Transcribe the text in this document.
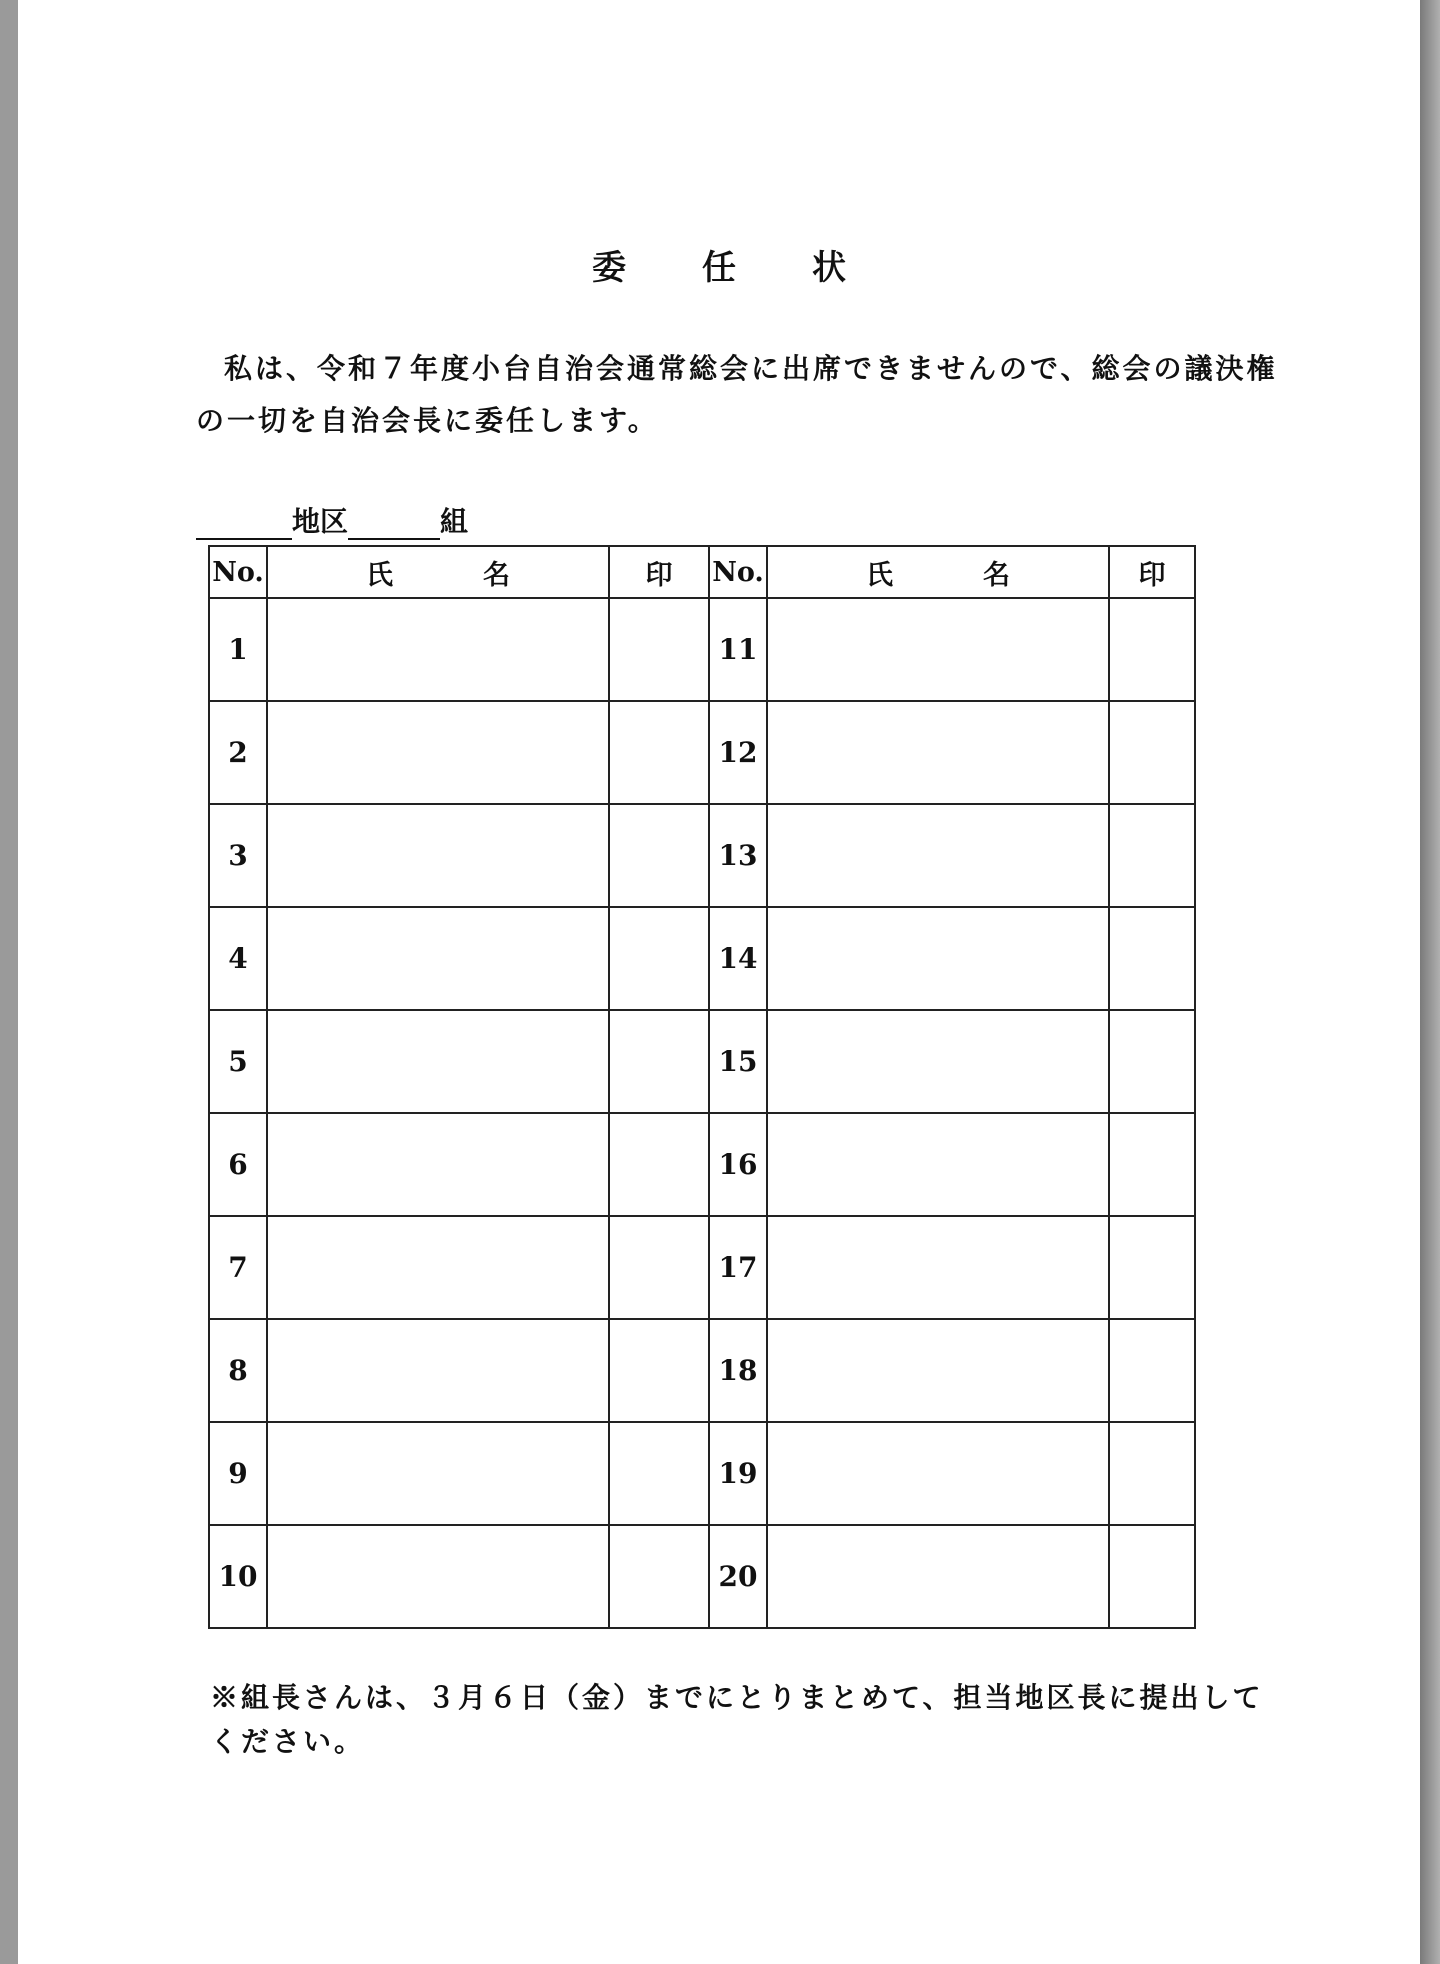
委 任 状
私は、令和７年度小台自治会通常総会に出席できませんので、総会の議決権の一切を自治会長に委任します。
地区	組
No.	氏 名	印	No.	氏 名	印
1			11		
2			12		
3			13		
4			14		
5			15		
6			16		
7			17		
8			18		
9			19		
10			20		
※組長さんは、３月６日（金）までにとりまとめて、担当地区長に提出してください。
